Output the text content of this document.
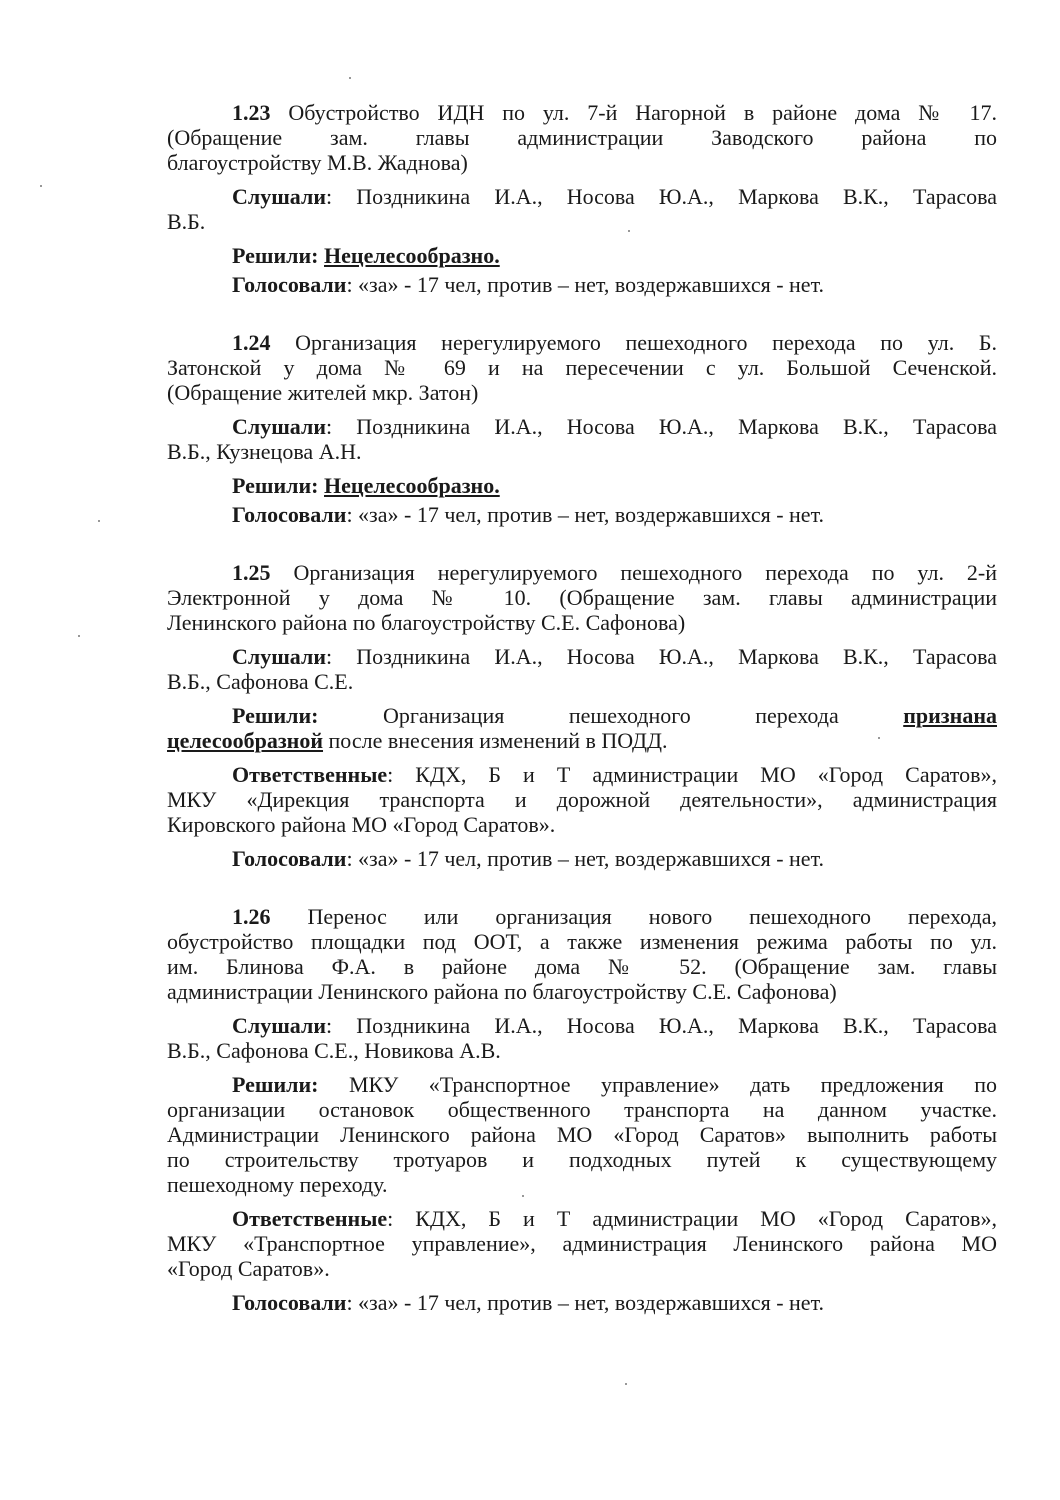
1.23 Обустройство ИДН по ул. 7-й Нагорной в районе дома № 17.
(Обращение зам. главы администрации Заводского района по
благоустройству М.В. Жаднова)
Слушали: Поздникина И.А., Носова Ю.А., Маркова В.К., Тарасова
В.Б.
Решили: Нецелесообразно.
Голосовали: «за» - 17 чел, против – нет, воздержавшихся - нет.
1.24 Организация нерегулируемого пешеходного перехода по ул. Б.
Затонской у дома № 69 и на пересечении с ул. Большой Сеченской.
(Обращение жителей мкр. Затон)
Слушали: Поздникина И.А., Носова Ю.А., Маркова В.К., Тарасова
В.Б., Кузнецова А.Н.
Решили: Нецелесообразно.
Голосовали: «за» - 17 чел, против – нет, воздержавшихся - нет.
1.25 Организация нерегулируемого пешеходного перехода по ул. 2-й
Электронной у дома № 10. (Обращение зам. главы администрации
Ленинского района по благоустройству С.Е. Сафонова)
Слушали: Поздникина И.А., Носова Ю.А., Маркова В.К., Тарасова
В.Б., Сафонова С.Е.
Решили:	Организация пешеходного перехода	признана
целесообразной после внесения изменений в ПОДД.
Ответственные: КДХ, Б и Т администрации МО «Город Саратов»,
МКУ «Дирекция транспорта и дорожной деятельности», администрация
Кировского района МО «Город Саратов».
Голосовали: «за» - 17 чел, против – нет, воздержавшихся - нет.
1.26 Перенос или организация нового пешеходного перехода,
обустройство площадки под ООТ, а также изменения режима работы по ул.
им. Блинова Ф.А. в районе дома № 52. (Обращение зам. главы
администрации Ленинского района по благоустройству С.Е. Сафонова)
Слушали: Поздникина И.А., Носова Ю.А., Маркова В.К., Тарасова
В.Б., Сафонова С.Е., Новикова А.В.
Решили: МКУ «Транспортное управление» дать предложения по
организации остановок общественного транспорта на данном участке.
Администрации Ленинского района МО «Город Саратов» выполнить работы
по строительству тротуаров и подходных путей к существующему
пешеходному переходу.
Ответственные: КДХ, Б и Т администрации МО «Город Саратов»,
МКУ «Транспортное управление», администрация Ленинского района МО
«Город Саратов».
Голосовали: «за» - 17 чел, против – нет, воздержавшихся - нет.
